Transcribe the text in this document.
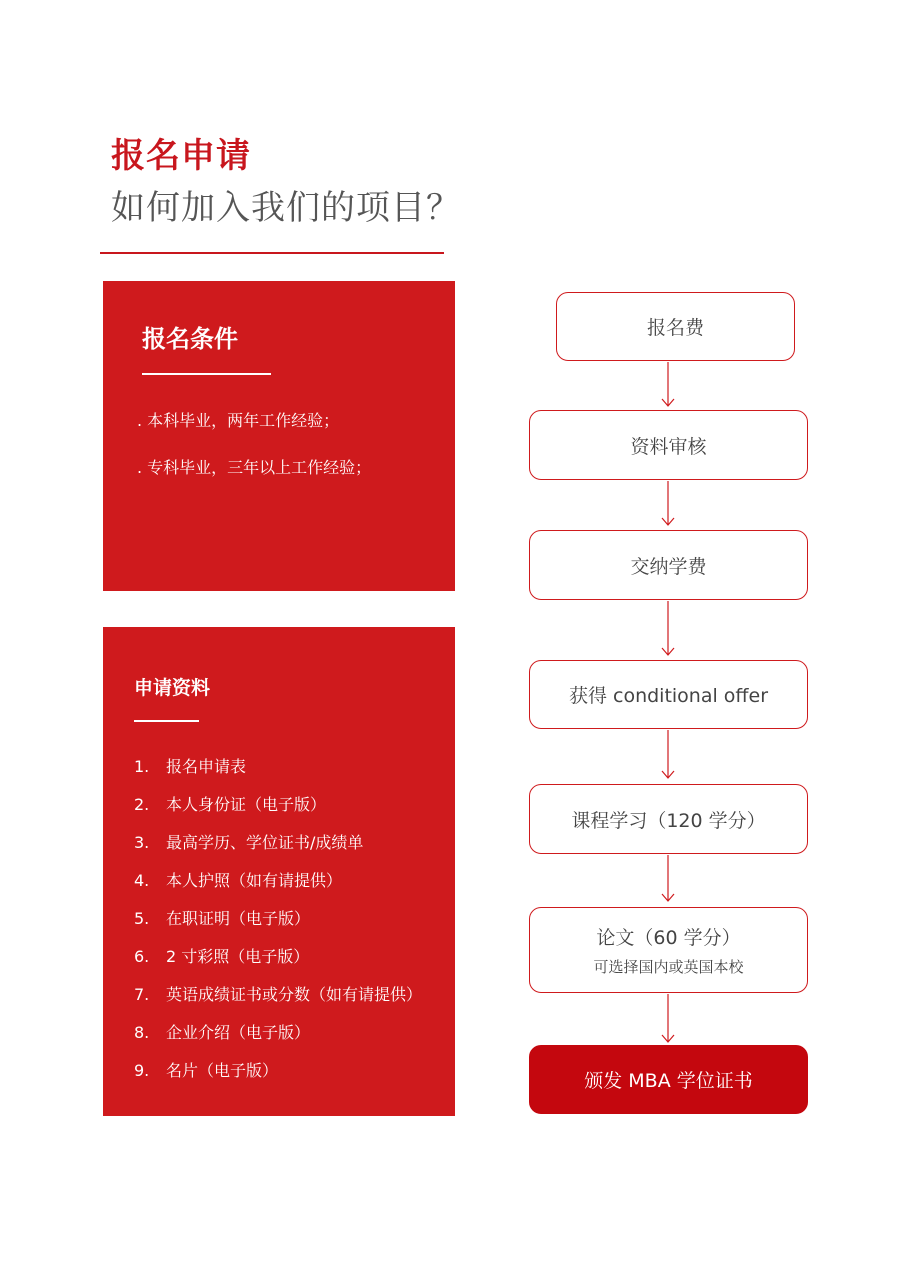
报名申请
如何加入我们的项目？
报名条件
. 本科毕业，两年工作经验；
. 专科毕业，三年以上工作经验；
申请资料
1.	报名申请表
2.	本人身份证（电子版）
3.	最高学历、学位证书/成绩单
4.	本人护照（如有请提供）
5.	在职证明（电子版）
6.	2 寸彩照（电子版）
7.	英语成绩证书或分数（如有请提供）
8.	企业介绍（电子版）
9.	名片（电子版）
报名费
资料审核
交纳学费
获得 conditional offer
课程学习（120 学分）
论文（60 学分）
可选择国内或英国本校
颁发 MBA 学位证书
